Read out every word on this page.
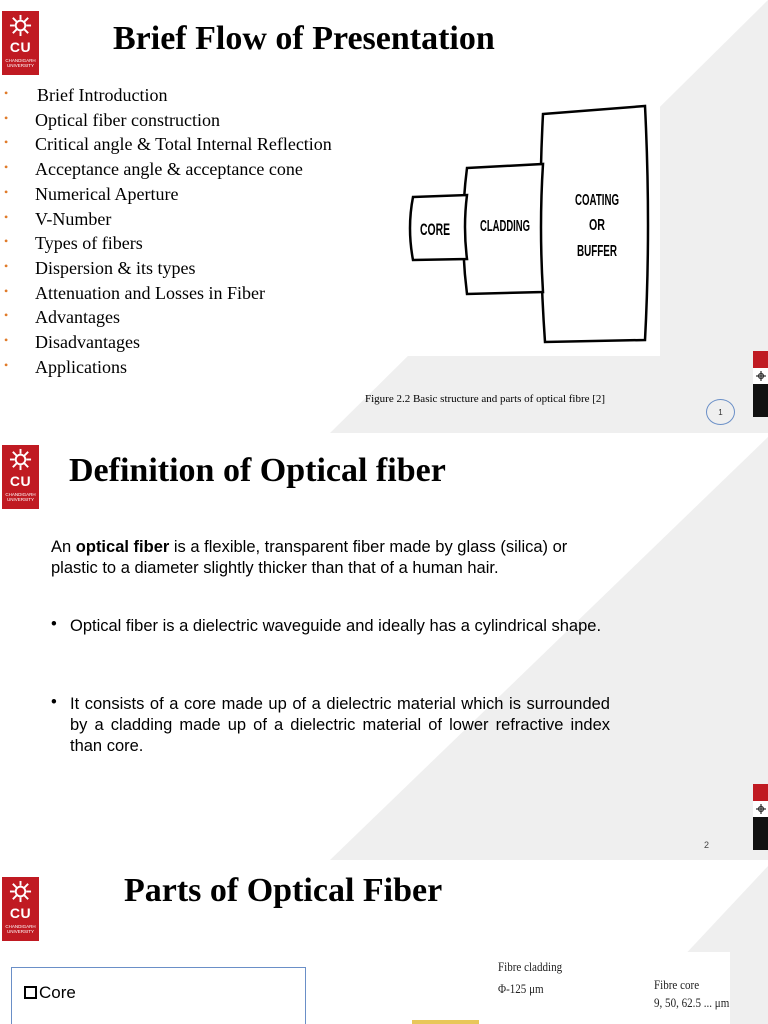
CU
CHANDIGARH UNIVERSITY
Brief Flow of Presentation
• Brief Introduction
• Optical fiber construction
• Critical angle & Total Internal Reflection
• Acceptance angle & acceptance cone
• Numerical Aperture
• V-Number
• Types of fibers
• Dispersion & its types
• Attenuation and Losses in Fiber
• Advantages
• Disadvantages
• Applications
CORE CLADDING
COATING
OR
BUFFER
Figure 2.2 Basic structure and parts of optical fibre [2]
1
CU
CHANDIGARH UNIVERSITY
Definition of Optical fiber
An optical fiber is a flexible, transparent fiber made by glass (silica) or plastic to a diameter slightly thicker than that of a human hair.
• Optical fiber is a dielectric waveguide and ideally has a cylindrical shape.
• It consists of a core made up of a dielectric material which is surrounded by a cladding made up of a dielectric material of lower refractive index than core.
2
CU
CHANDIGARH UNIVERSITY
Parts of Optical Fiber
Core
Fibre cladding
Φ-125 μm	Fibre core
9, 50, 62.5 ... μm
